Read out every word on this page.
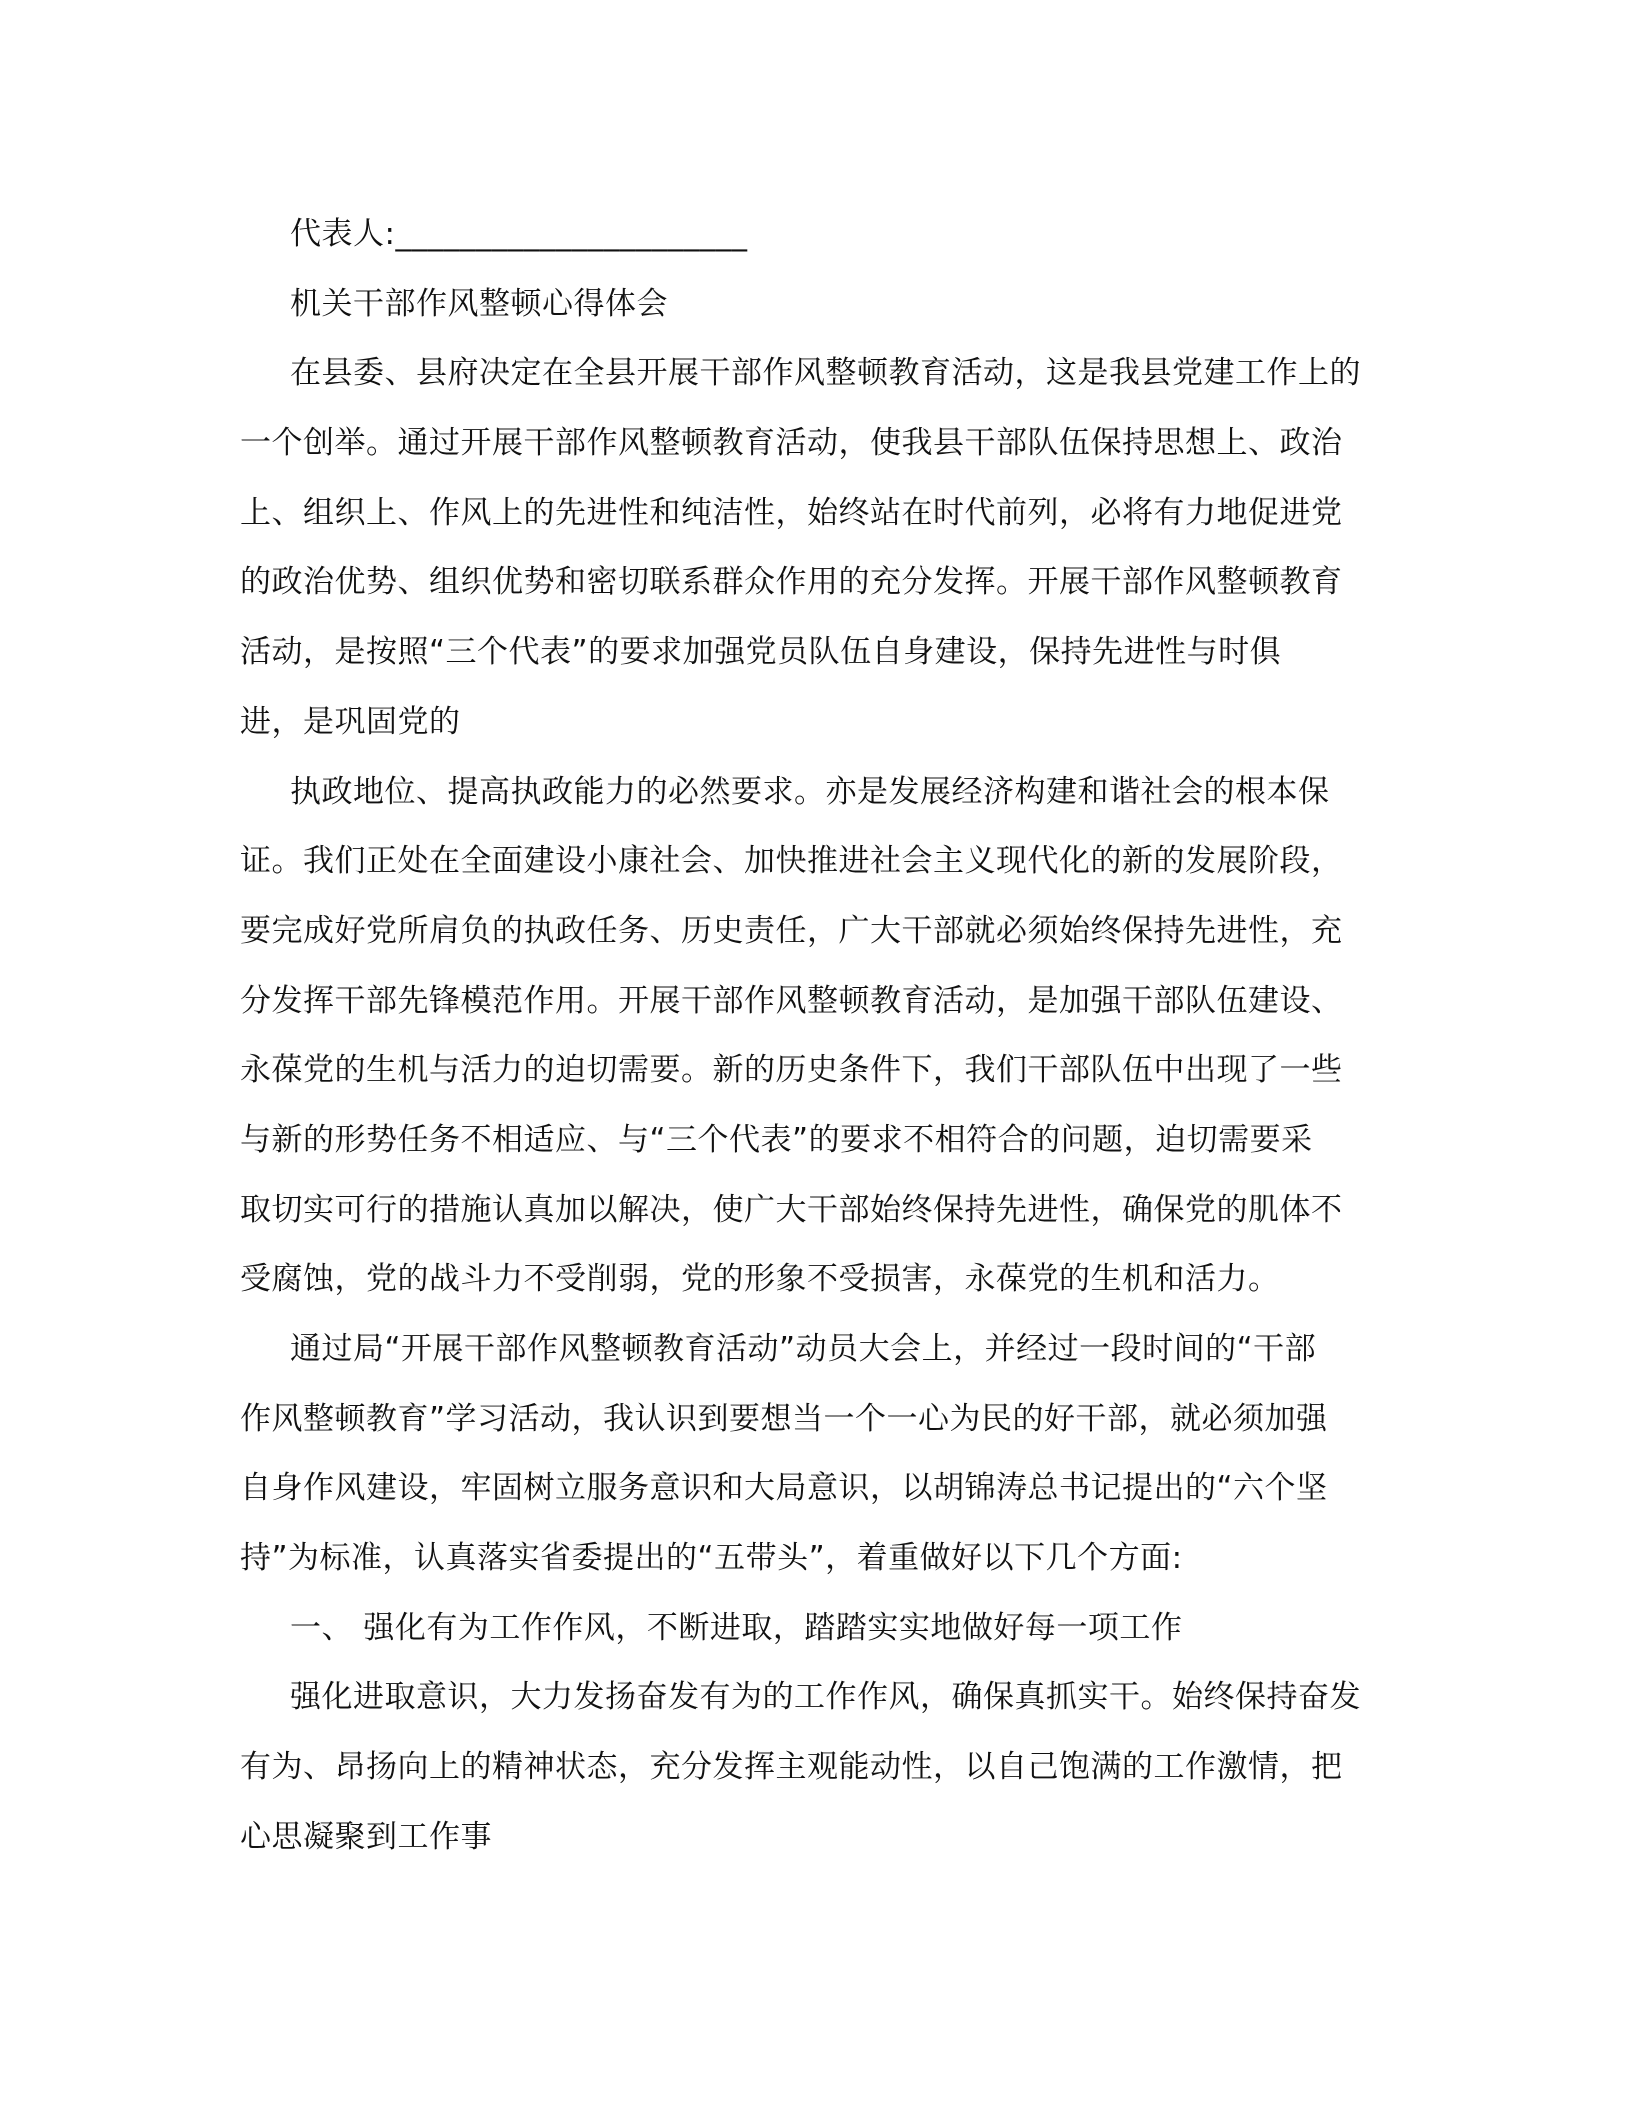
代表人:______________________
机关干部作风整顿心得体会
在县委、县府决定在全县开展干部作风整顿教育活动，这是我县党建工作上的
一个创举。通过开展干部作风整顿教育活动，使我县干部队伍保持思想上、政治
上、组织上、作风上的先进性和纯洁性，始终站在时代前列，必将有力地促进党
的政治优势、组织优势和密切联系群众作用的充分发挥。开展干部作风整顿教育
活动，是按照“三个代表”的要求加强党员队伍自身建设，保持先进性与时俱
进，是巩固党的
执政地位、提高执政能力的必然要求。亦是发展经济构建和谐社会的根本保
证。我们正处在全面建设小康社会、加快推进社会主义现代化的新的发展阶段，
要完成好党所肩负的执政任务、历史责任，广大干部就必须始终保持先进性，充
分发挥干部先锋模范作用。开展干部作风整顿教育活动，是加强干部队伍建设、
永葆党的生机与活力的迫切需要。新的历史条件下，我们干部队伍中出现了一些
与新的形势任务不相适应、与“三个代表”的要求不相符合的问题，迫切需要采
取切实可行的措施认真加以解决，使广大干部始终保持先进性，确保党的肌体不
受腐蚀，党的战斗力不受削弱，党的形象不受损害，永葆党的生机和活力。
通过局“开展干部作风整顿教育活动”动员大会上，并经过一段时间的“干部
作风整顿教育”学习活动，我认识到要想当一个一心为民的好干部，就必须加强
自身作风建设，牢固树立服务意识和大局意识，以胡锦涛总书记提出的“六个坚
持”为标准，认真落实省委提出的“五带头”，着重做好以下几个方面:
一、 强化有为工作作风，不断进取，踏踏实实地做好每一项工作
强化进取意识，大力发扬奋发有为的工作作风，确保真抓实干。始终保持奋发
有为、昂扬向上的精神状态，充分发挥主观能动性，以自己饱满的工作激情，把
心思凝聚到工作事
